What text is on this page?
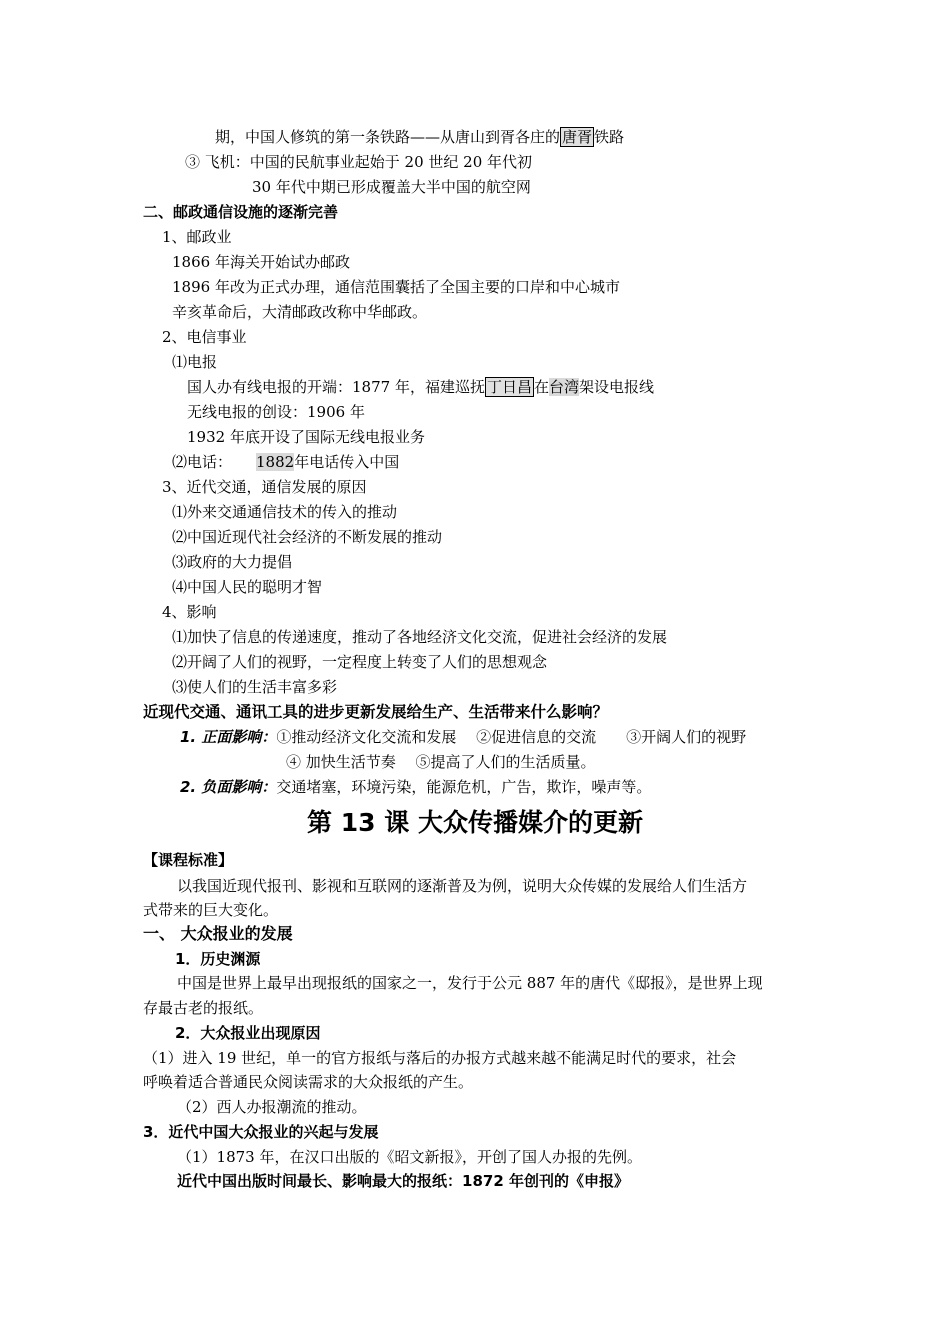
期，中国人修筑的第一条铁路——从唐山到胥各庄的 唐胥 铁路
③ 飞机：中国的民航事业起始于 20 世纪 20 年代初
30 年代中期已形成覆盖大半中国的航空网
二、邮政通信设施的逐渐完善
1、邮政业
1866 年海关开始试办邮政
1896 年改为正式办理，通信范围囊括了全国主要的口岸和中心城市
辛亥革命后，大清邮政改称中华邮政。
2、电信事业
⑴电报
国人办有线电报的开端：1877 年，福建巡抚 丁日昌 在台湾架设电报线
无线电报的创设：1906 年
1932 年底开设了国际无线电报业务
⑵电话： 1882年电话传入中国
3、近代交通，通信发展的原因
⑴外来交通通信技术的传入的推动
⑵中国近现代社会经济的不断发展的推动
⑶政府的大力提倡
⑷中国人民的聪明才智
4、影响
⑴加快了信息的传递速度，推动了各地经济文化交流，促进社会经济的发展
⑵开阔了人们的视野，一定程度上转变了人们的思想观念
⑶使人们的生活丰富多彩
近现代交通、通讯工具的进步更新发展给生产、生活带来什么影响？
1. 正面影响：①推动经济文化交流和发展　 ②促进信息的交流　　③开阔人们的视野
④ 加快生活节奏　 ⑤提高了人们的生活质量。
2. 负面影响：交通堵塞，环境污染，能源危机，广告，欺诈，噪声等。
第 13 课 大众传播媒介的更新
【课程标准】
以我国近现代报刊、影视和互联网的逐渐普及为例，说明大众传媒的发展给人们生活方
式带来的巨大变化。
一、 大众报业的发展
1．历史渊源
中国是世界上最早出现报纸的国家之一，发行于公元 887 年的唐代《邸报》，是世界上现
存最古老的报纸。
2．大众报业出现原因
（1）进入 19 世纪，单一的官方报纸与落后的办报方式越来越不能满足时代的要求，社会
呼唤着适合普通民众阅读需求的大众报纸的产生。
（2）西人办报潮流的推动。
3．近代中国大众报业的兴起与发展
（1）1873 年，在汉口出版的《昭文新报》，开创了国人办报的先例。
近代中国出版时间最长、影响最大的报纸：1872 年创刊的《申报》
